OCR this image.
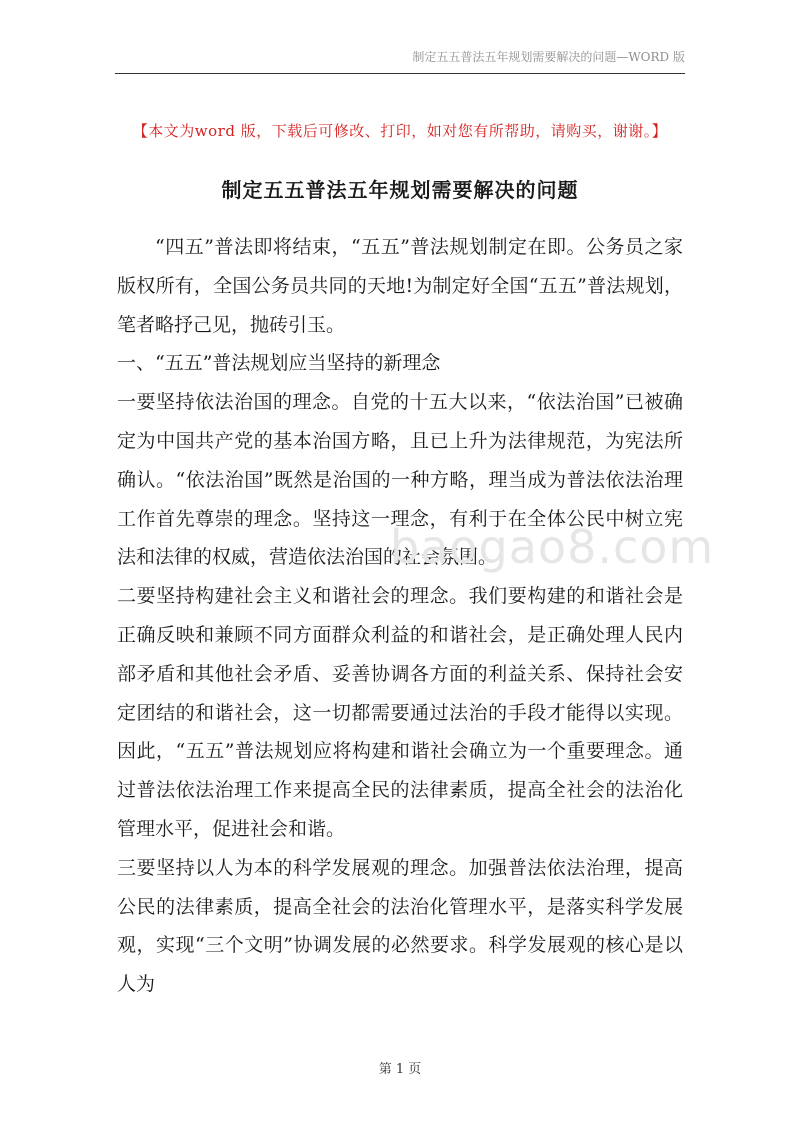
制定五五普法五年规划需要解决的问题—WORD 版
【本文为word 版，下载后可修改、打印，如对您有所帮助，请购买，谢谢。】
制定五五普法五年规划需要解决的问题

“四五”普法即将结束，“五五”普法规划制定在即。公务员之家版权所有，全国公务员共同的天地!为制定好全国“五五”普法规划，笔者略抒己见，抛砖引玉。

一、“五五”普法规划应当坚持的新理念

一要坚持依法治国的理念。自党的十五大以来，“依法治国”已被确定为中国共产党的基本治国方略，且已上升为法律规范，为宪法所确认。“依法治国”既然是治国的一种方略，理当成为普法依法治理工作首先尊崇的理念。坚持这一理念，有利于在全体公民中树立宪法和法律的权威，营造依法治国的社会氛围。

二要坚持构建社会主义和谐社会的理念。我们要构建的和谐社会是正确反映和兼顾不同方面群众利益的和谐社会，是正确处理人民内部矛盾和其他社会矛盾、妥善协调各方面的利益关系、保持社会安定团结的和谐社会，这一切都需要通过法治的手段才能得以实现。因此，“五五”普法规划应将构建和谐社会确立为一个重要理念。通过普法依法治理工作来提高全民的法律素质，提高全社会的法治化管理水平，促进社会和谐。

三要坚持以人为本的科学发展观的理念。加强普法依法治理，提高公民的法律素质，提高全社会的法治化管理水平，是落实科学发展观，实现“三个文明”协调发展的必然要求。科学发展观的核心是以人为

baogao8.com
第 1 页
